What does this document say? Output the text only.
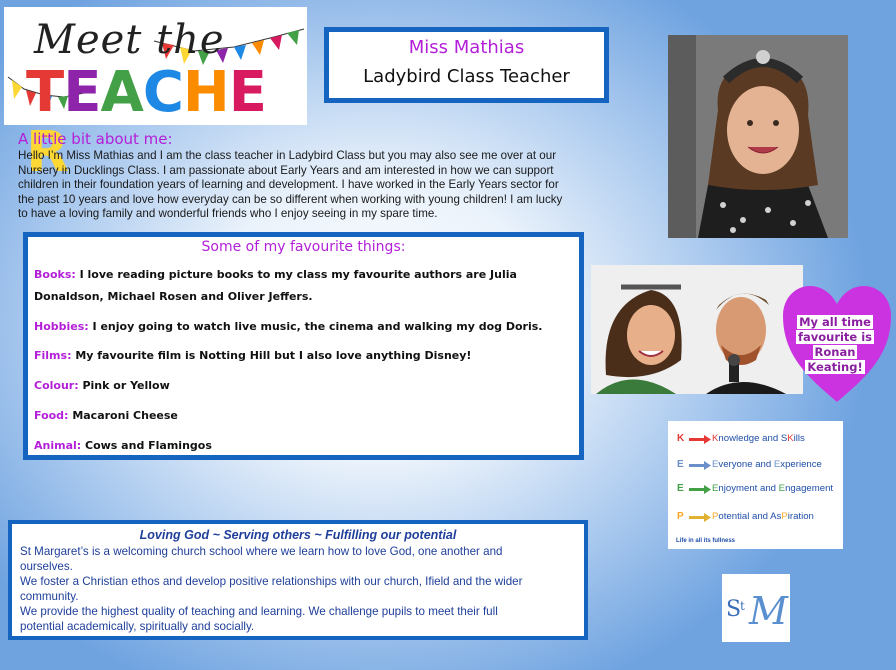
Meet the
TEACHER
Miss Mathias
Ladybird Class Teacher
A little bit about me:
Hello I’m Miss Mathias and I am the class teacher in Ladybird Class but you may also see me over at our
Nursery in Ducklings Class. I am passionate about Early Years and am interested in how we can support
children in their foundation years of learning and development. I have worked in the Early Years sector for
the past 10 years and love how everyday can be so different when working with young children! I am lucky
to have a loving family and wonderful friends who I enjoy seeing in my spare time.
Some of my favourite things:
Books: I love reading picture books to my class my favourite authors are Julia
Donaldson, Michael Rosen and Oliver Jeffers.
Hobbies: I enjoy going to watch live music, the cinema and walking my dog Doris.
Films: My favourite film is Notting Hill but I also love anything Disney!
Colour: Pink or Yellow
Food: Macaroni Cheese
Animal: Cows and Flamingos
My all time
favourite is
Ronan
Keating!
K	Knowledge and SKills
E	Everyone and Experience
E	Enjoyment and Engagement
P	Potential and AsPiration
Life in all its fullness
Loving God ~ Serving others ~ Fulfilling our potential
St Margaret’s is a welcoming church school where we learn how to love God, one another and
ourselves.
We foster a Christian ethos and develop positive relationships with our church, Ifield and the wider
community.
We provide the highest quality of teaching and learning. We challenge pupils to meet their full
potential academically, spiritually and socially.
S
t M
